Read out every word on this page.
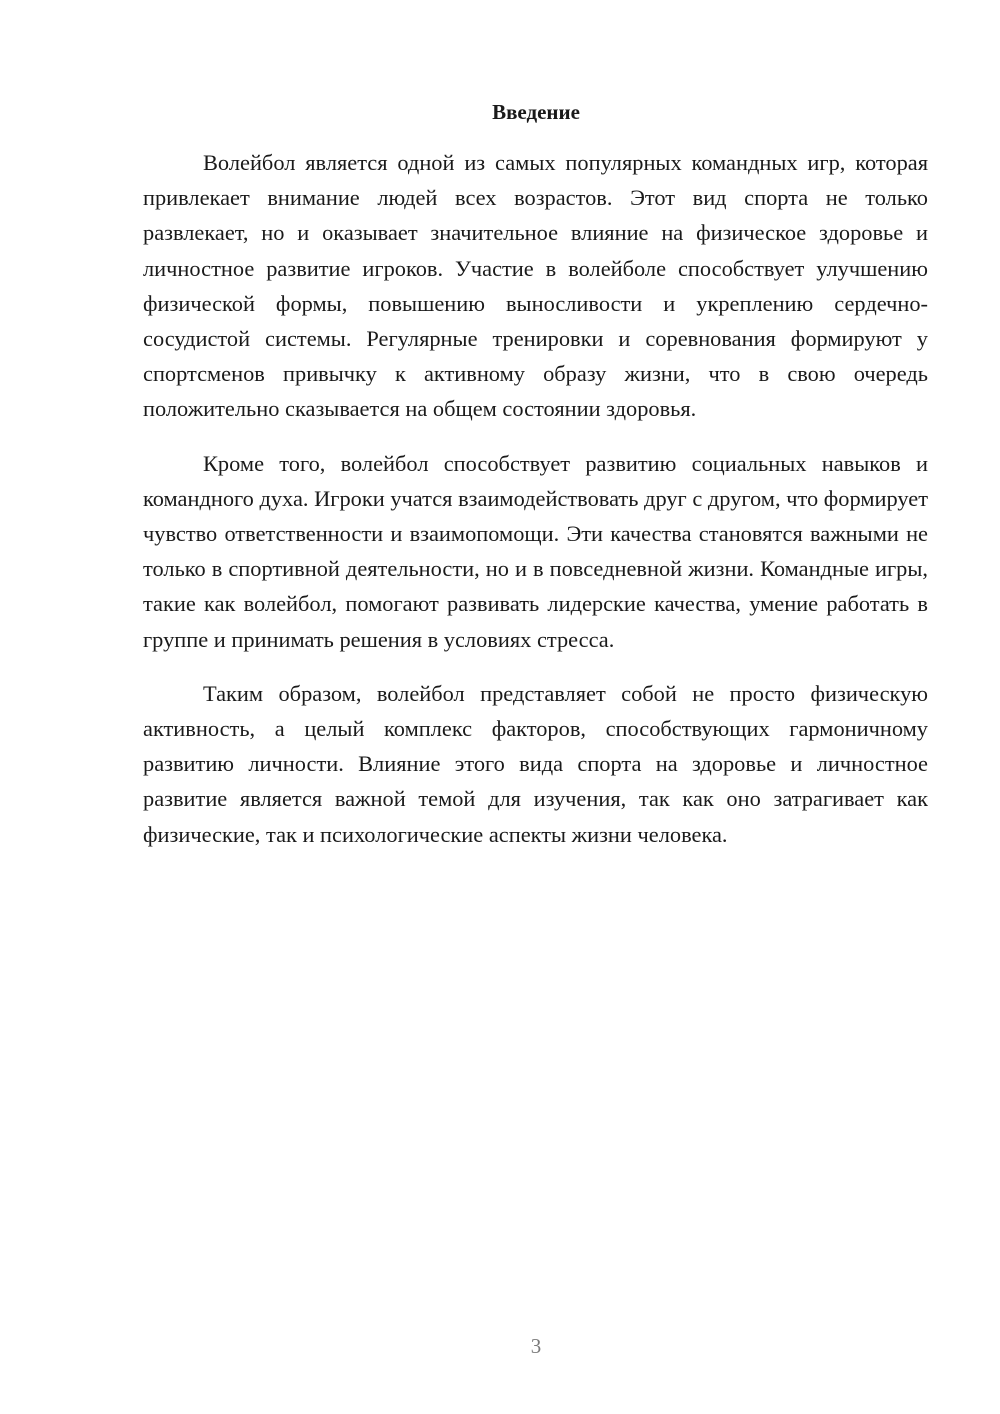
Введение

Волейбол является одной из самых популярных командных игр, которая привлекает внимание людей всех возрастов. Этот вид спорта не только развлекает, но и оказывает значительное влияние на физическое здоровье и личностное развитие игроков. Участие в волейболе способствует улучшению физической формы, повышению выносливости и укреплению сердечно-сосудистой системы. Регулярные тренировки и соревнования формируют у спортсменов привычку к активному образу жизни, что в свою очередь положительно сказывается на общем состоянии здоровья.

Кроме того, волейбол способствует развитию социальных навыков и командного духа. Игроки учатся взаимодействовать друг с другом, что формирует чувство ответственности и взаимопомощи. Эти качества становятся важными не только в спортивной деятельности, но и в повседневной жизни. Командные игры, такие как волейбол, помогают развивать лидерские качества, умение работать в группе и принимать решения в условиях стресса.

Таким образом, волейбол представляет собой не просто физическую активность, а целый комплекс факторов, способствующих гармоничному развитию личности. Влияние этого вида спорта на здоровье и личностное развитие является важной темой для изучения, так как оно затрагивает как физические, так и психологические аспекты жизни человека.

3
